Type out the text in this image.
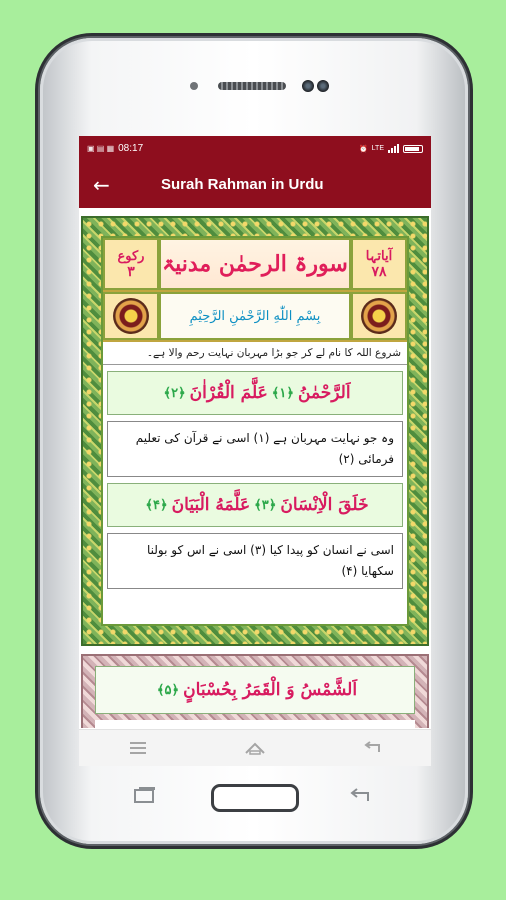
▣ ▤ ▦ 08:17	⏰ LTE
←	Surah Rahman in Urdu
رکوع
۳ سورۃ الرحمٰن مدنیۃ آیاتہا
۷۸
بِسْمِ اللّٰهِ الرَّحْمٰنِ الرَّحِیْمِ
شروع اللہ کا نام لے کر جو بڑا مہربان نہایت رحم والا ہے۔
اَلرَّحْمٰنُ
﴿۱﴾
عَلَّمَ الْقُرْاٰنَ
﴿۲﴾
وہ جو نہایت مہربان ہے (۱) اسی نے قرآن کی تعلیم فرمائی (۲)
خَلَقَ الْاِنْسَانَ
﴿۳﴾
عَلَّمَهُ الْبَیَانَ
﴿۴﴾
اسی نے انسان کو پیدا کیا (۳) اسی نے اس کو بولنا سکھایا (۴)
اَلشَّمْسُ وَ الْقَمَرُ بِحُسْبَانٍ
﴿۵﴾
